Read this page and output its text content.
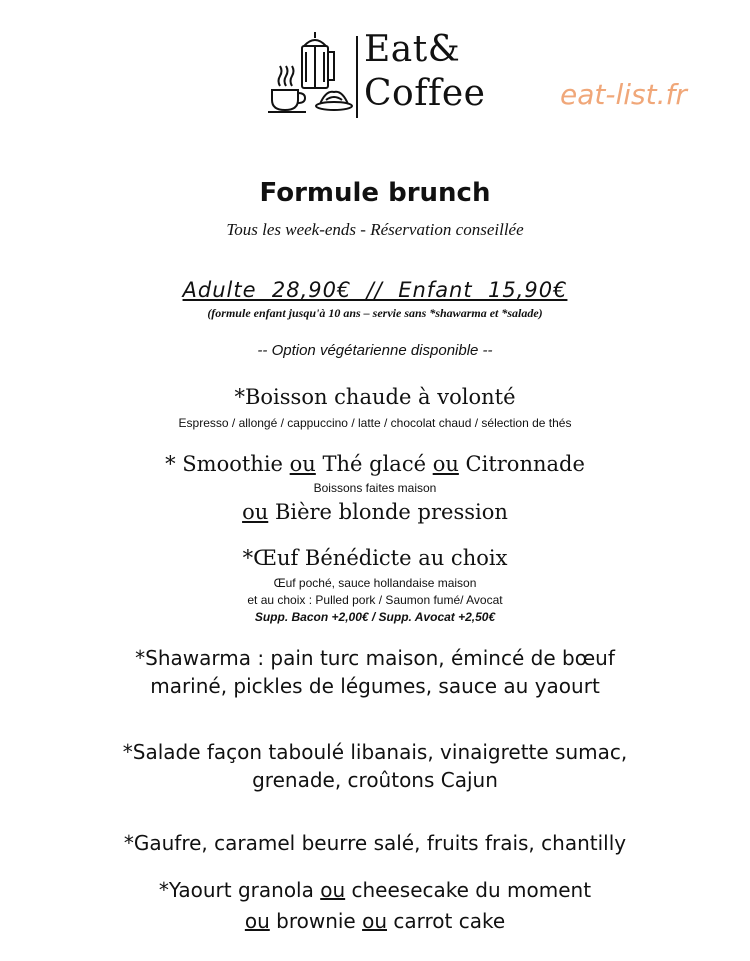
Eat&
Coffee	eat-list.fr
Formule brunch
Tous les week-ends - Réservation conseillée
Adulte  28,90€  //  Enfant  15,90€
(formule enfant jusqu'à 10 ans – servie sans *shawarma et *salade)
-- Option végétarienne disponible --
*Boisson chaude à volonté
Espresso / allongé / cappuccino / latte / chocolat chaud / sélection de thés
* Smoothie ou Thé glacé ou Citronnade
Boissons faites maison
ou Bière blonde pression
*Œuf Bénédicte au choix
Œuf poché, sauce hollandaise maison
et au choix : Pulled pork / Saumon fumé/ Avocat
Supp. Bacon +2,00€ / Supp. Avocat +2,50€
*Shawarma : pain turc maison, émincé de bœuf
mariné, pickles de légumes, sauce au yaourt
*Salade façon taboulé libanais, vinaigrette sumac,
grenade, croûtons Cajun
*Gaufre, caramel beurre salé, fruits frais, chantilly
*Yaourt granola ou cheesecake du moment
ou brownie ou carrot cake
